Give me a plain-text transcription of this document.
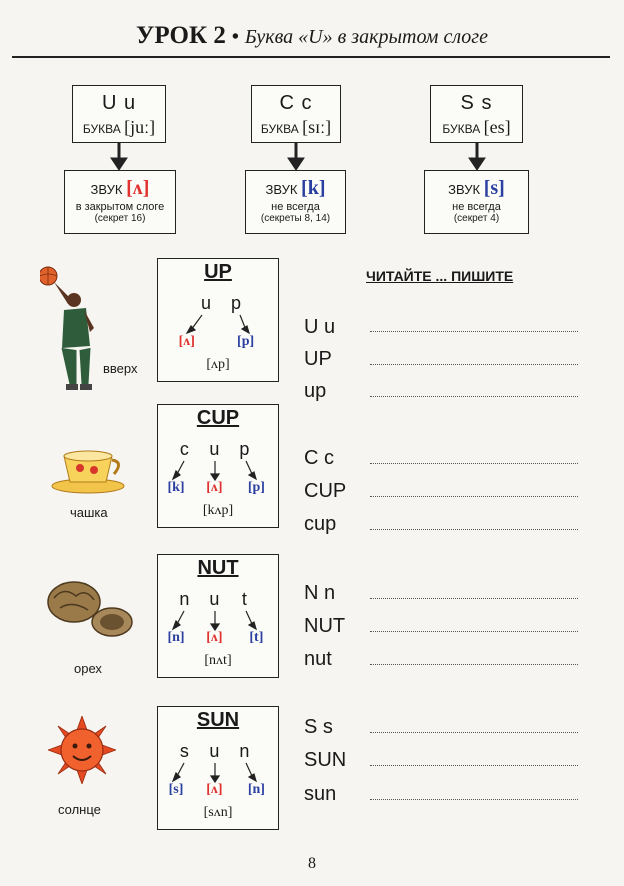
УРОК 2 • Буква «U» в закрытом слоге
U u
БУКВА [juː]
C c
БУКВА [sɪː]
S s
БУКВА [es]
ЗВУК [ʌ]
в закрытом слоге
(секрет 16)
ЗВУК [k]
не всегда
(секреты 8, 14)
ЗВУК [s]
не всегда
(секрет 4)
ЧИТАЙТЕ ... ПИШИТЕ
вверх
UP
u p
[ʌ]	[p]
[ʌp]
U u
UP
up
чашка
CUP
c u p
[k] [ʌ] [p]
[kʌp]
C c
CUP
cup
орех
NUT
n u t
[n] [ʌ] [t]
[nʌt]
N n
NUT
nut
солнце
SUN
s u n
[s] [ʌ] [n]
[sʌn]
S s
SUN
sun
8
